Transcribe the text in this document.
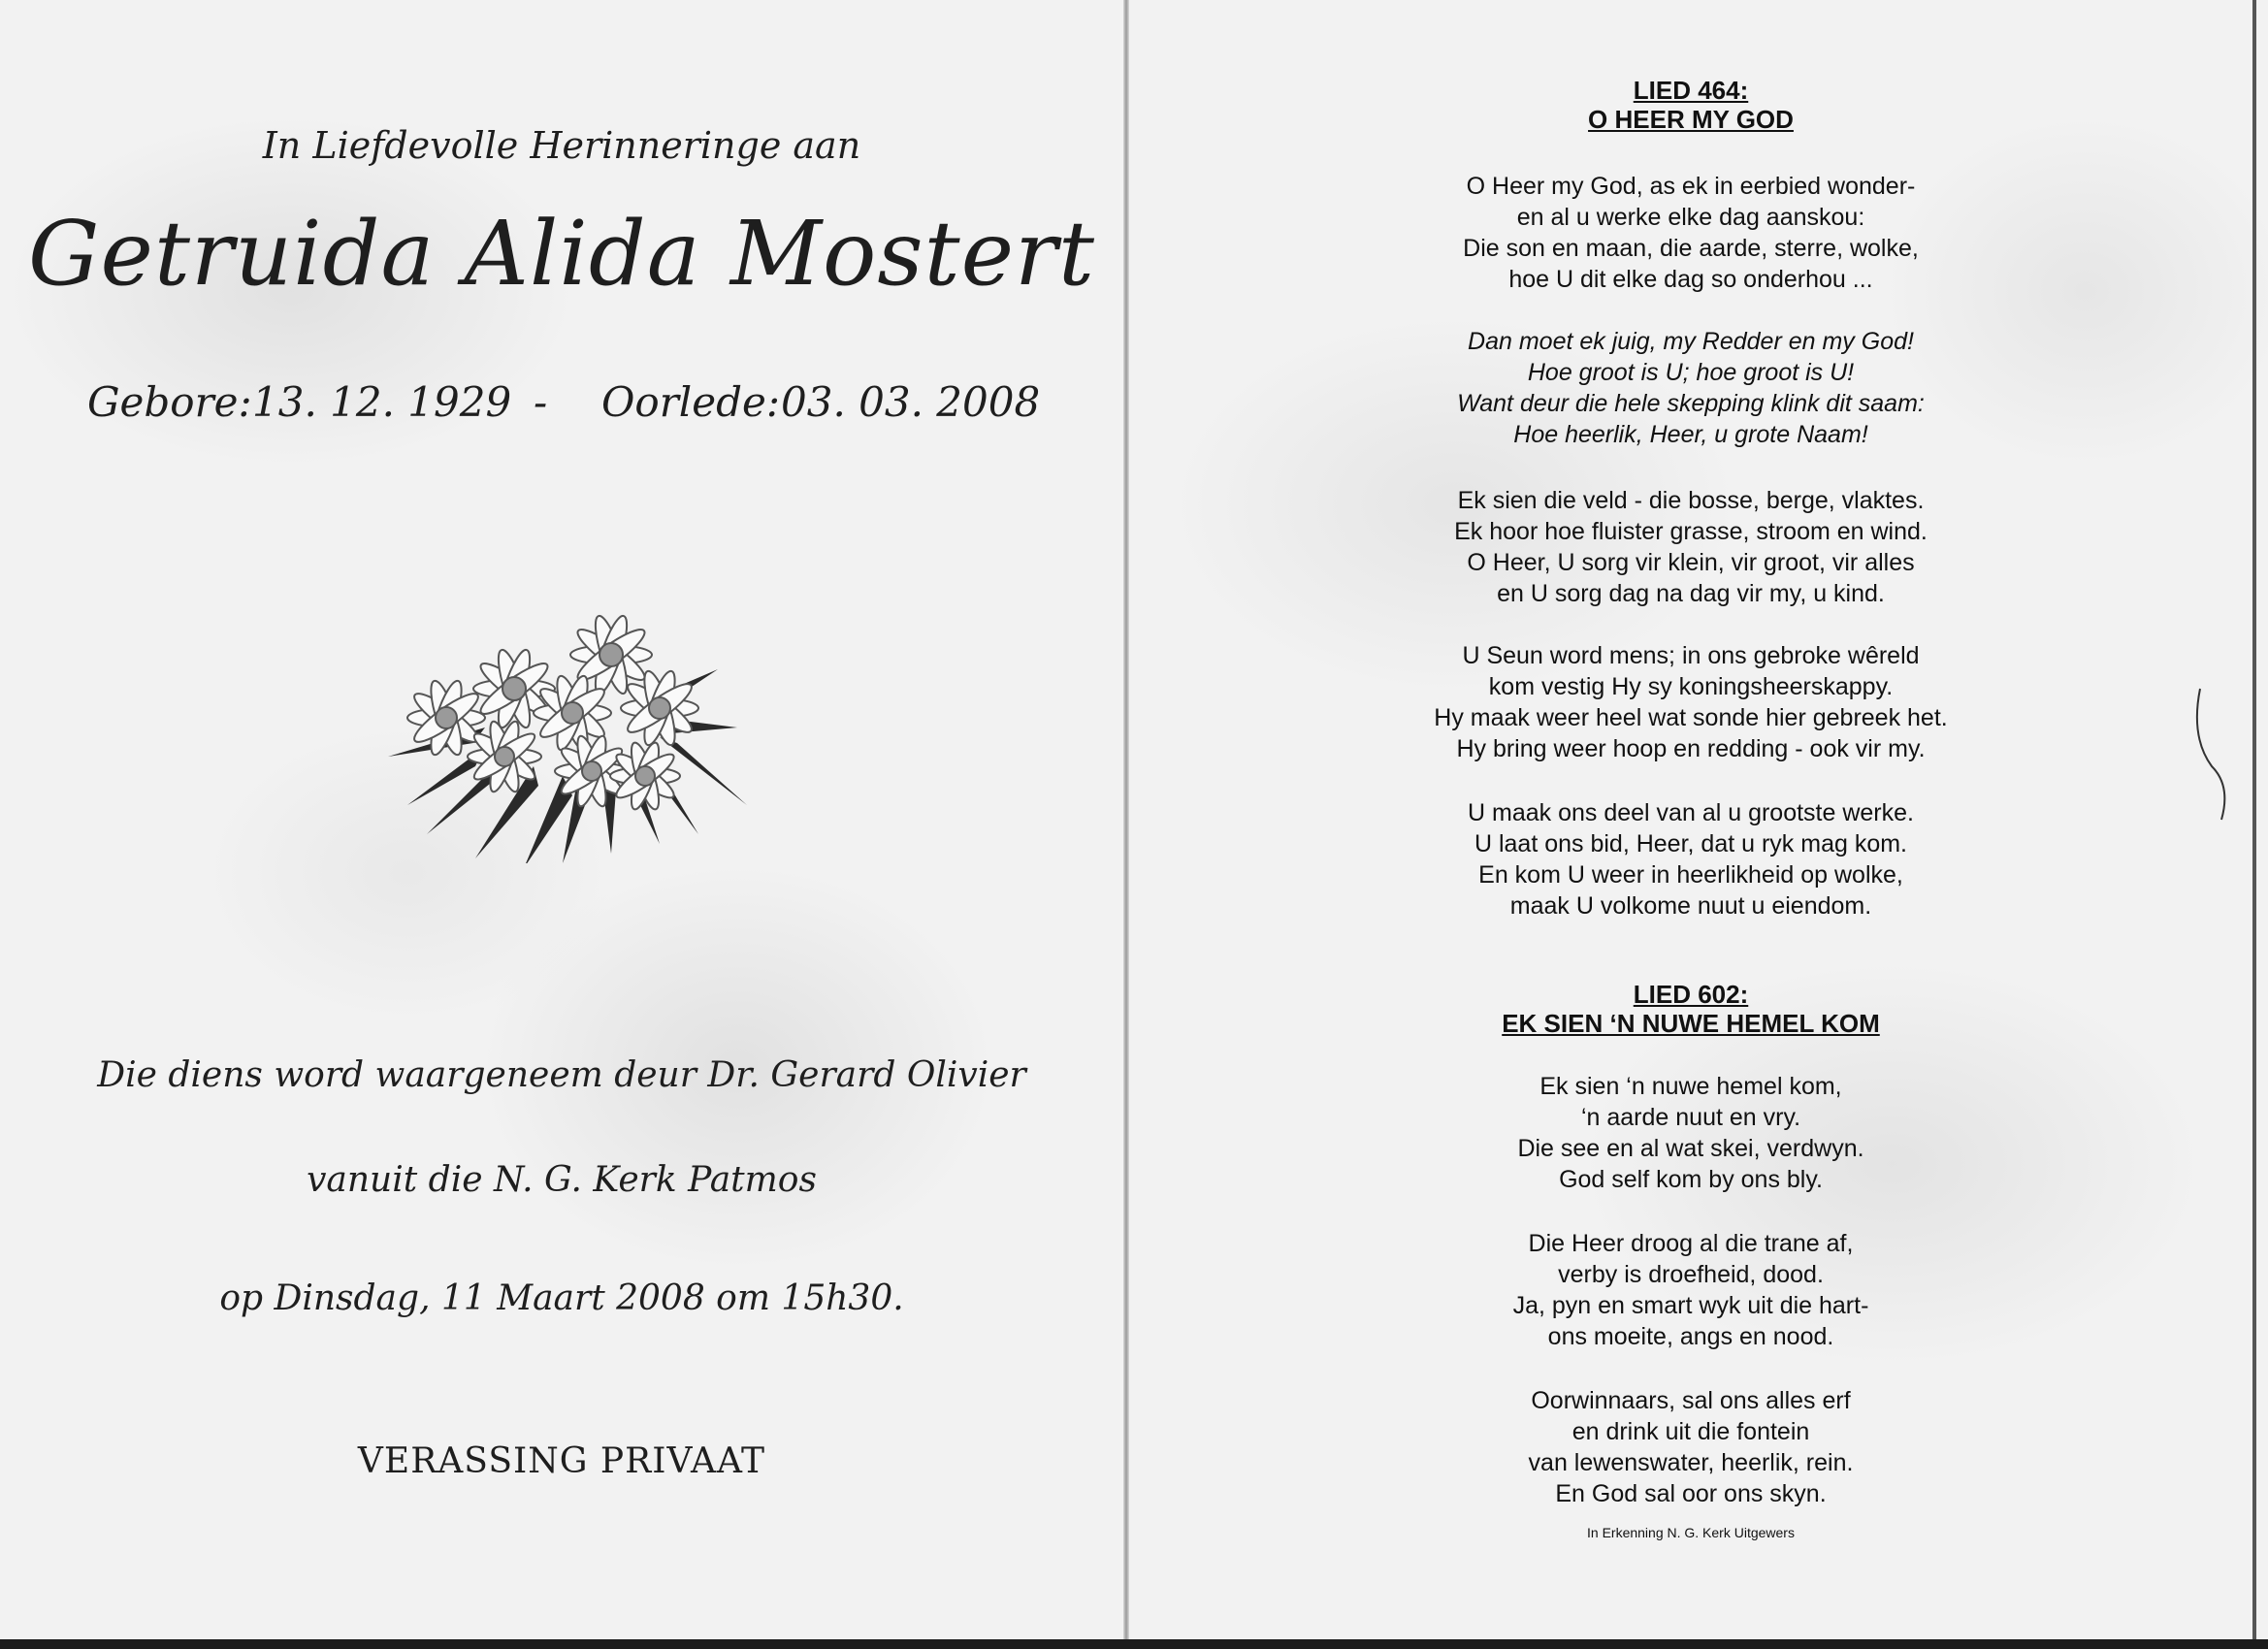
In Liefdevolle Herinneringe aan
Getruida Alida Mostert
Gebore: 13. 12. 1929 - Oorlede: 03. 03. 2008
Die diens word waargeneem deur Dr. Gerard Olivier
vanuit die N. G. Kerk Patmos
op Dinsdag, 11 Maart 2008 om 15h30.
VERASSING PRIVAAT
LIED 464:
O HEER MY GOD
O Heer my God, as ek in eerbied wonder-
en al u werke elke dag aanskou:
Die son en maan, die aarde, sterre, wolke,
hoe U dit elke dag so onderhou ...
Dan moet ek juig, my Redder en my God!
Hoe groot is U; hoe groot is U!
Want deur die hele skepping klink dit saam:
Hoe heerlik, Heer, u grote Naam!
Ek sien die veld - die bosse, berge, vlaktes.
Ek hoor hoe fluister grasse, stroom en wind.
O Heer, U sorg vir klein, vir groot, vir alles
en U sorg dag na dag vir my, u kind.
U Seun word mens; in ons gebroke wêreld
kom vestig Hy sy koningsheerskappy.
Hy maak weer heel wat sonde hier gebreek het.
Hy bring weer hoop en redding - ook vir my.
U maak ons deel van al u grootste werke.
U laat ons bid, Heer, dat u ryk mag kom.
En kom U weer in heerlikheid op wolke,
maak U volkome nuut u eiendom.
LIED 602:
EK SIEN ‘N NUWE HEMEL KOM
Ek sien ‘n nuwe hemel kom,
‘n aarde nuut en vry.
Die see en al wat skei, verdwyn.
God self kom by ons bly.
Die Heer droog al die trane af,
verby is droefheid, dood.
Ja, pyn en smart wyk uit die hart-
ons moeite, angs en nood.
Oorwinnaars, sal ons alles erf
en drink uit die fontein
van lewenswater, heerlik, rein.
En God sal oor ons skyn.
In Erkenning N. G. Kerk Uitgewers
